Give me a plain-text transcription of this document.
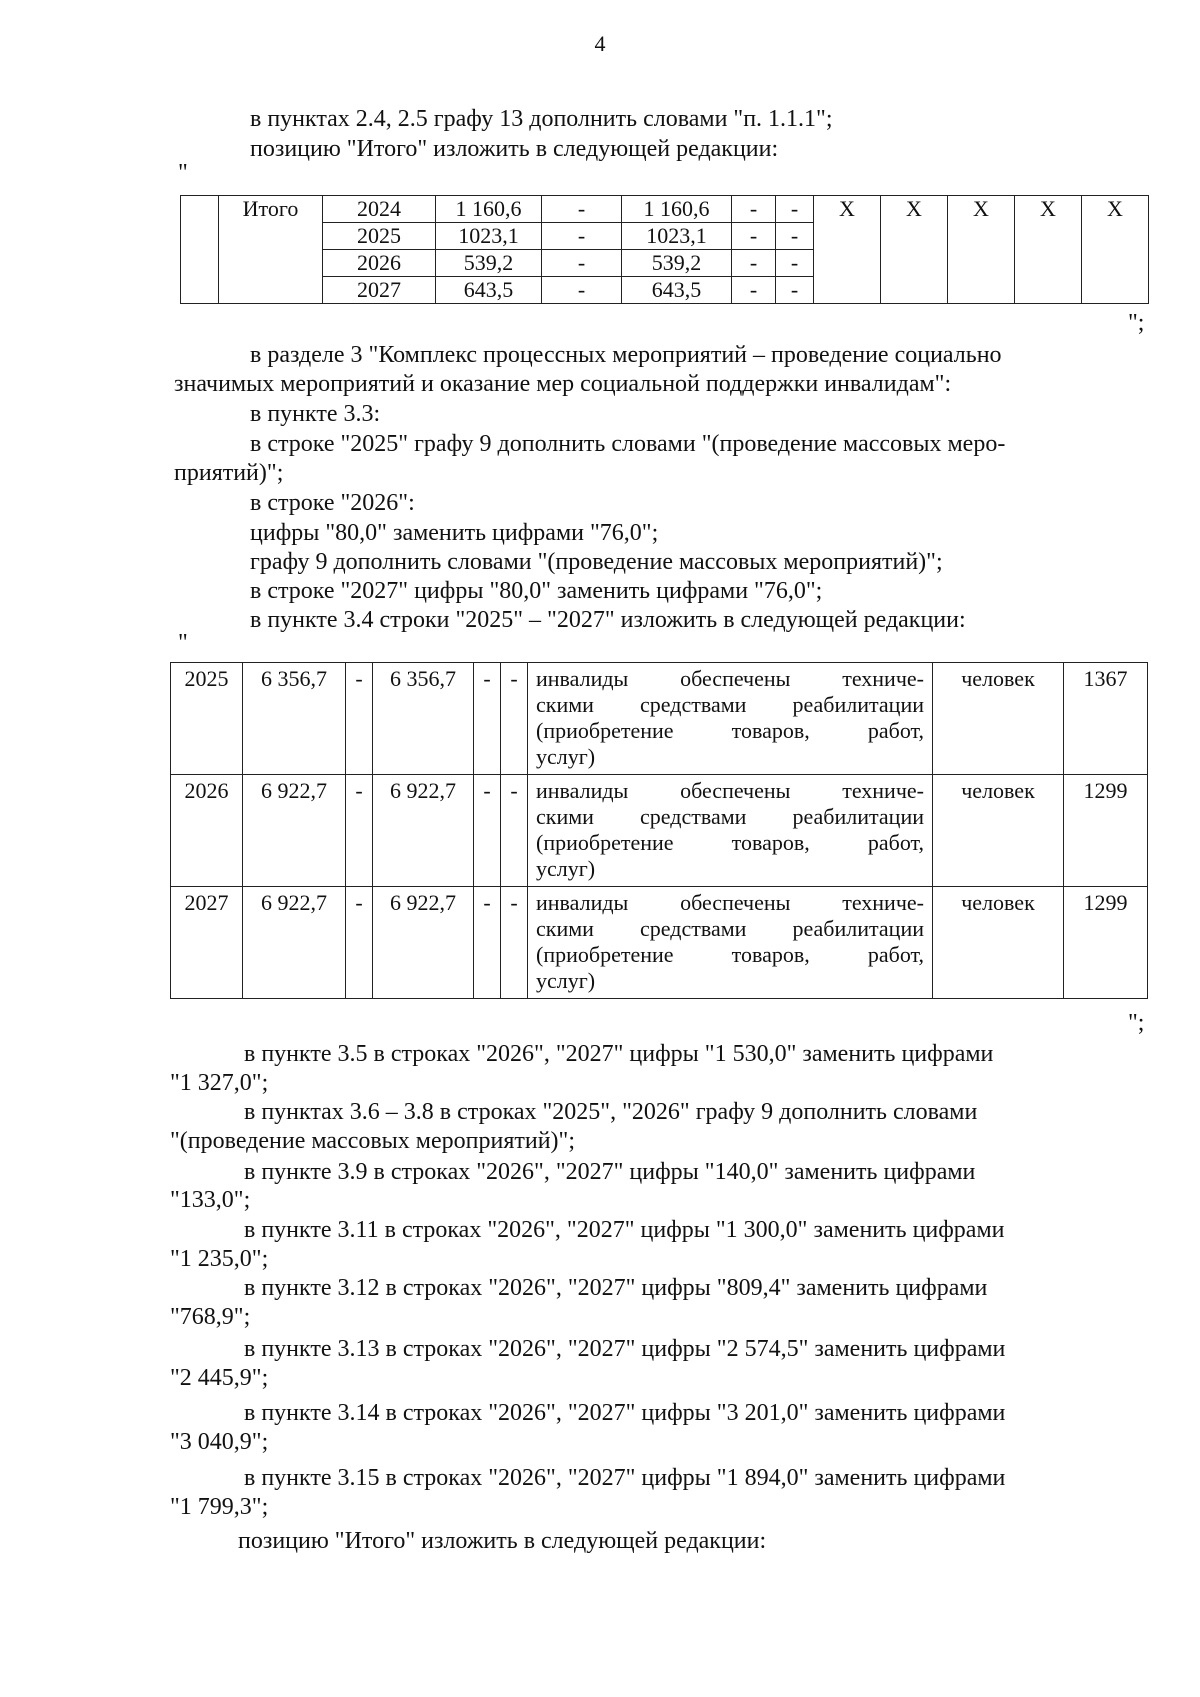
4
в пунктах 2.4, 2.5 графу 13 дополнить словами "п. 1.1.1";
позицию "Итого" изложить в следующей редакции:
"
	Итого	2024	1 160,6	-	1 160,6	-	-	X	X	X	X	X
		2025	1023,1	-	1023,1	-	-					
		2026	539,2	-	539,2	-	-					
		2027	643,5	-	643,5	-	-					
";
в разделе 3 "Комплекс процессных мероприятий – проведение социально
значимых мероприятий и оказание мер социальной поддержки инвалидам":
в пункте 3.3:
в строке "2025" графу 9 дополнить словами "(проведение массовых меро-
приятий)";
в строке "2026":
цифры "80,0" заменить цифрами "76,0";
графу 9 дополнить словами "(проведение массовых мероприятий)";
в строке "2027" цифры "80,0" заменить цифрами "76,0";
в пункте 3.4 строки "2025" – "2027" изложить в следующей редакции:
"
2025	6 356,7	-	6 356,7	-	-	инвалиды обеспечены техниче-
скими средствами реабилитации
(приобретение товаров, работ,
услуг)	человек	1367
2026	6 922,7	-	6 922,7	-	-	инвалиды обеспечены техниче-
скими средствами реабилитации
(приобретение товаров, работ,
услуг)	человек	1299
2027	6 922,7	-	6 922,7	-	-	инвалиды обеспечены техниче-
скими средствами реабилитации
(приобретение товаров, работ,
услуг)	человек	1299
";
в пункте 3.5 в строках "2026", "2027" цифры "1 530,0" заменить цифрами
"1 327,0";
в пунктах 3.6 – 3.8 в строках "2025", "2026" графу 9 дополнить словами
"(проведение массовых мероприятий)";
в пункте 3.9 в строках "2026", "2027" цифры "140,0" заменить цифрами
"133,0";
в пункте 3.11 в строках "2026", "2027" цифры "1 300,0" заменить цифрами
"1 235,0";
в пункте 3.12 в строках "2026", "2027" цифры "809,4" заменить цифрами
"768,9";
в пункте 3.13 в строках "2026", "2027" цифры "2 574,5" заменить цифрами
"2 445,9";
в пункте 3.14 в строках "2026", "2027" цифры "3 201,0" заменить цифрами
"3 040,9";
в пункте 3.15 в строках "2026", "2027" цифры "1 894,0" заменить цифрами
"1 799,3";
позицию "Итого" изложить в следующей редакции:
